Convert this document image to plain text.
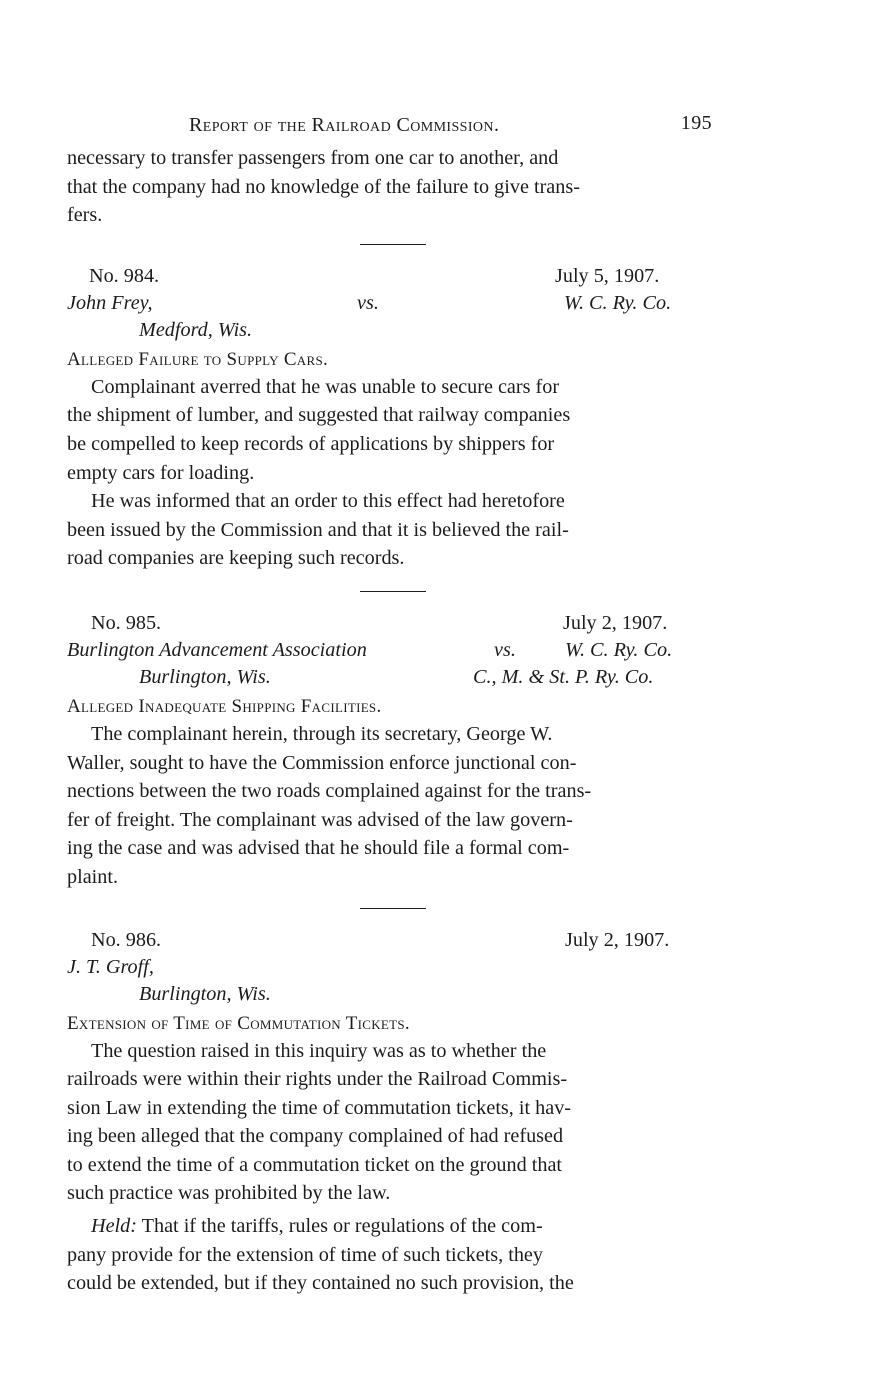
Report of the Railroad Commission.	195

necessary to transfer passengers from one car to another, and
that the company had no knowledge of the failure to give trans-
fers.

No. 984.	July 5, 1907.
John Frey,	vs.	W. C. Ry. Co.
Medford, Wis.

Alleged Failure to Supply Cars.

Complainant averred that he was unable to secure cars for
the shipment of lumber, and suggested that railway companies
be compelled to keep records of applications by shippers for
empty cars for loading.

He was informed that an order to this effect had heretofore
been issued by the Commission and that it is believed the rail-
road companies are keeping such records.

No. 985.	July 2, 1907.
Burlington Advancement Association	vs. W. C. Ry. Co.
Burlington, Wis.	C., M. & St. P. Ry. Co.

Alleged Inadequate Shipping Facilities.

The complainant herein, through its secretary, George W.
Waller, sought to have the Commission enforce junctional con-
nections between the two roads complained against for the trans-
fer of freight. The complainant was advised of the law govern-
ing the case and was advised that he should file a formal com-
plaint.

No. 986.	July 2, 1907.
J. T. Groff,
Burlington, Wis.

Extension of Time of Commutation Tickets.

The question raised in this inquiry was as to whether the
railroads were within their rights under the Railroad Commis-
sion Law in extending the time of commutation tickets, it hav-
ing been alleged that the company complained of had refused
to extend the time of a commutation ticket on the ground that
such practice was prohibited by the law.

Held: That if the tariffs, rules or regulations of the com-
pany provide for the extension of time of such tickets, they
could be extended, but if they contained no such provision, the
